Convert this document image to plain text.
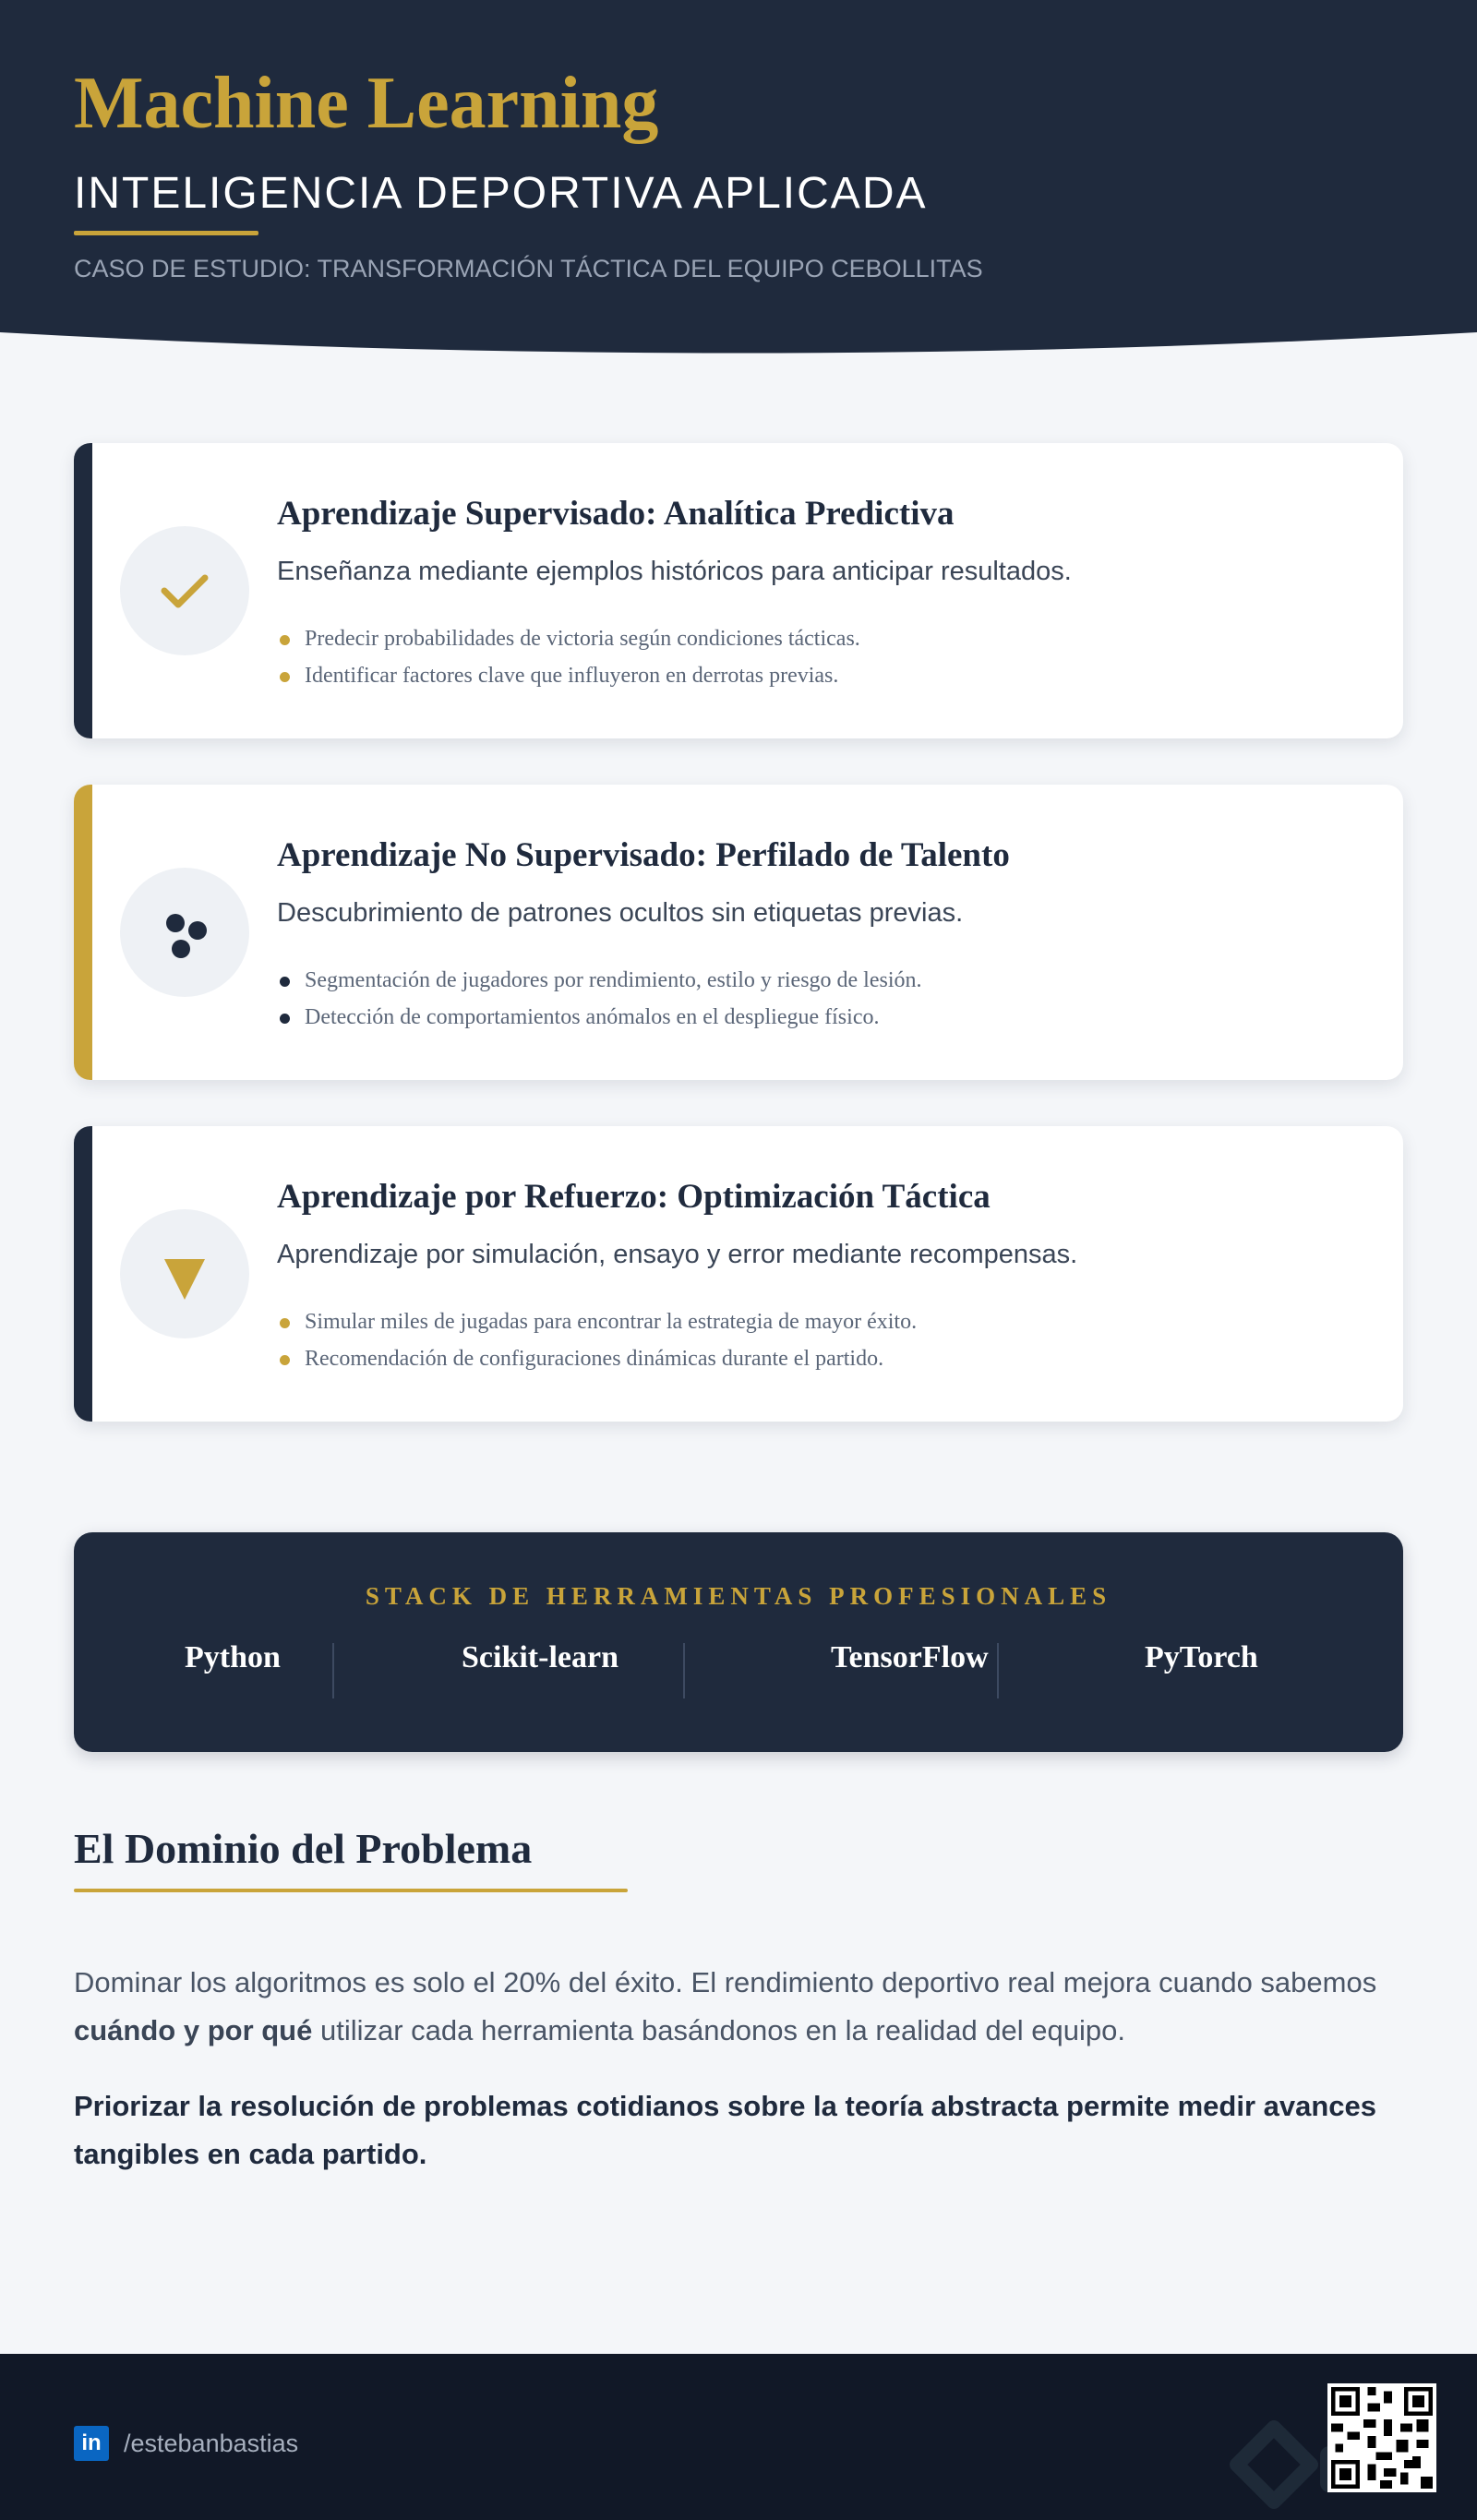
Machine Learning
INTELIGENCIA DEPORTIVA APLICADA
CASO DE ESTUDIO: TRANSFORMACIÓN TÁCTICA DEL EQUIPO CEBOLLITAS
Aprendizaje Supervisado: Analítica Predictiva
Enseñanza mediante ejemplos históricos para anticipar resultados.
Predecir probabilidades de victoria según condiciones tácticas.
Identificar factores clave que influyeron en derrotas previas.
Aprendizaje No Supervisado: Perfilado de Talento
Descubrimiento de patrones ocultos sin etiquetas previas.
Segmentación de jugadores por rendimiento, estilo y riesgo de lesión.
Detección de comportamientos anómalos en el despliegue físico.
Aprendizaje por Refuerzo: Optimización Táctica
Aprendizaje por simulación, ensayo y error mediante recompensas.
Simular miles de jugadas para encontrar la estrategia de mayor éxito.
Recomendación de configuraciones dinámicas durante el partido.
STACK DE HERRAMIENTAS PROFESIONALES
Python	Scikit-learn	TensorFlow	PyTorch
El Dominio del Problema

Dominar los algoritmos es solo el 20% del éxito. El rendimiento deportivo real mejora cuando sabemos cuándo y por qué utilizar cada herramienta basándonos en la realidad del equipo.

Priorizar la resolución de problemas cotidianos sobre la teoría abstracta permite medir avances tangibles en cada partido.

in /estebanbastias
